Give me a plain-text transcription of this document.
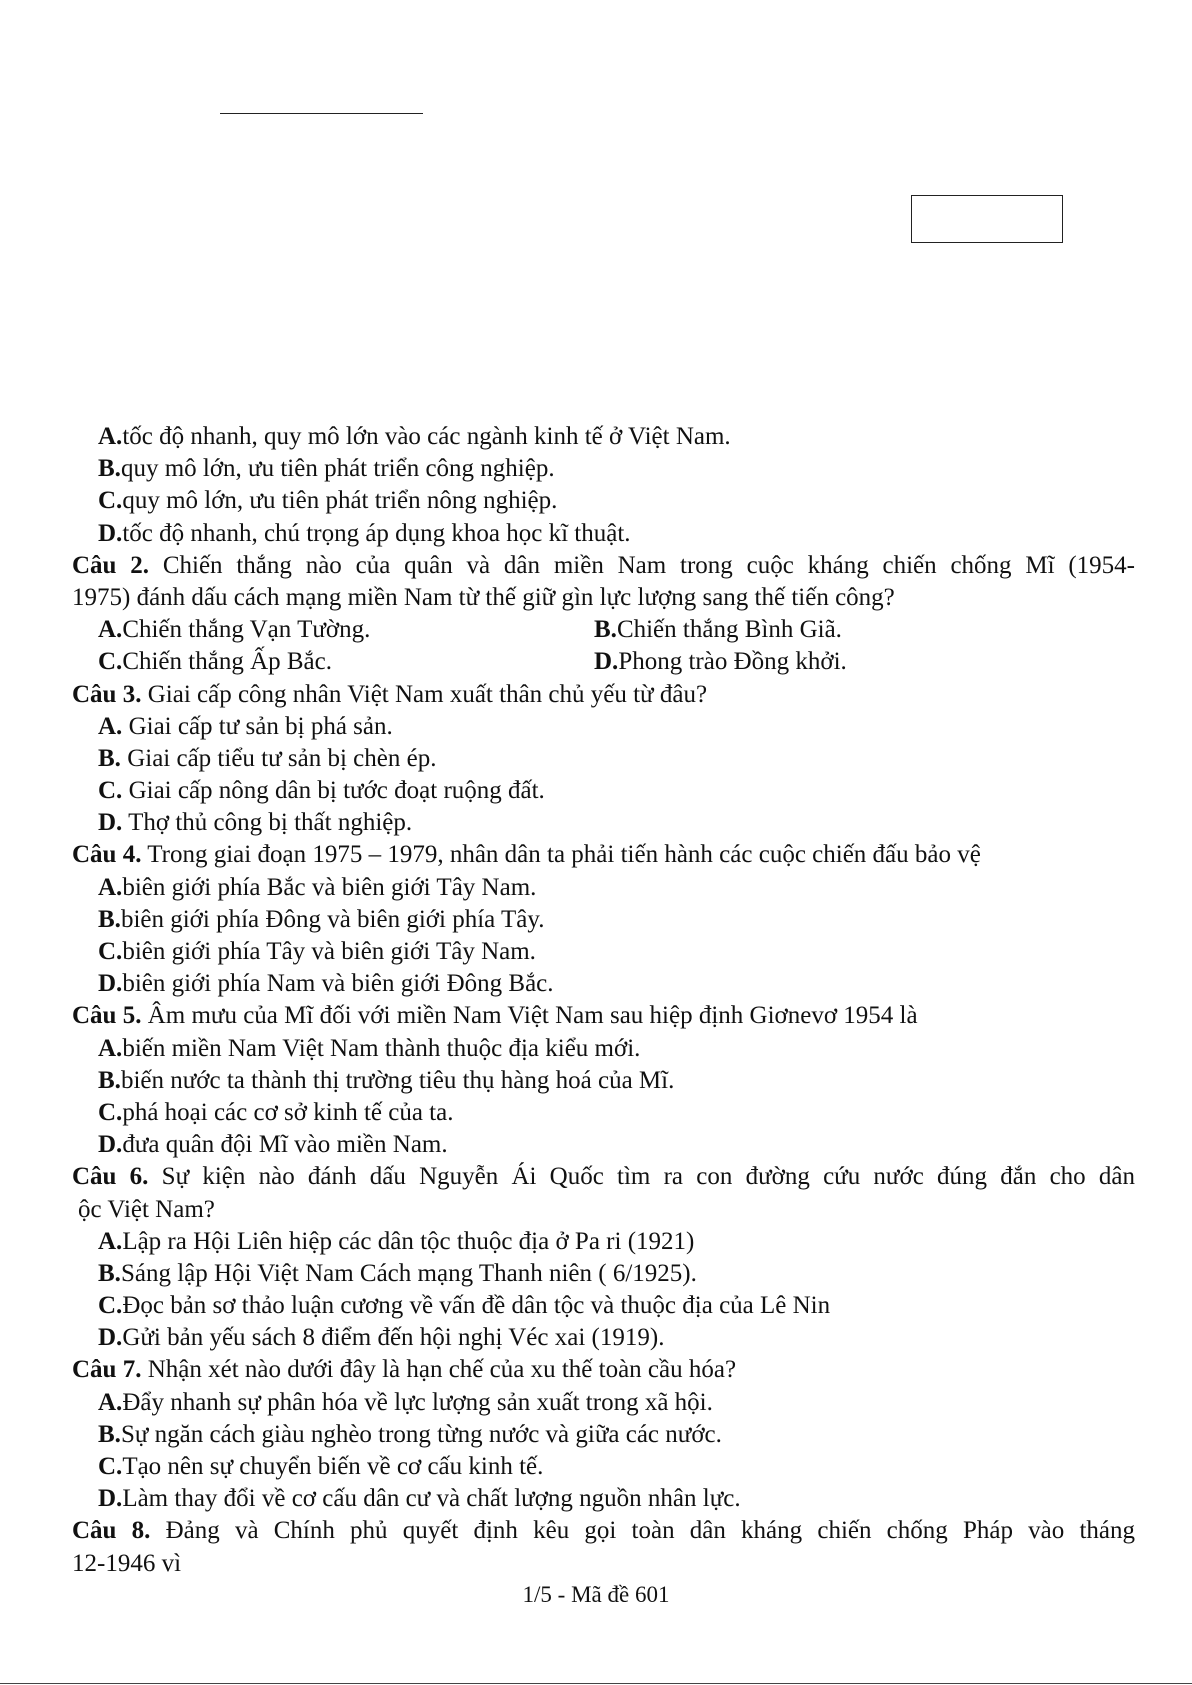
A.tốc độ nhanh, quy mô lớn vào các ngành kinh tế ở Việt Nam.
B.quy mô lớn, ưu tiên phát triển công nghiệp.
C.quy mô lớn, ưu tiên phát triển nông nghiệp.
D.tốc độ nhanh, chú trọng áp dụng khoa học kĩ thuật.
Câu 2. Chiến thắng nào của quân và dân miền Nam trong cuộc kháng chiến chống Mĩ (1954-
1975) đánh dấu cách mạng miền Nam từ thế giữ gìn lực lượng sang thế tiến công?
A.Chiến thắng Vạn Tường.	B.Chiến thắng Bình Giã.
C.Chiến thắng Ấp Bắc.	D.Phong trào Đồng khởi.
Câu 3. Giai cấp công nhân Việt Nam xuất thân chủ yếu từ đâu?
A. Giai cấp tư sản bị phá sản.
B. Giai cấp tiểu tư sản bị chèn ép.
C. Giai cấp nông dân bị tước đoạt ruộng đất.
D. Thợ thủ công bị thất nghiệp.
Câu 4. Trong giai đoạn 1975 – 1979, nhân dân ta phải tiến hành các cuộc chiến đấu bảo vệ
A.biên giới phía Bắc và biên giới Tây Nam.
B.biên giới phía Đông và biên giới phía Tây.
C.biên giới phía Tây và biên giới Tây Nam.
D.biên giới phía Nam và biên giới Đông Bắc.
Câu 5. Âm mưu của Mĩ đối với miền Nam Việt Nam sau hiệp định Giơnevơ 1954 là
A.biến miền Nam Việt Nam thành thuộc địa kiểu mới.
B.biến nước ta thành thị trường tiêu thụ hàng hoá của Mĩ.
C.phá hoại các cơ sở kinh tế của ta.
D.đưa quân đội Mĩ vào miền Nam.
Câu 6. Sự kiện nào đánh dấu Nguyễn Ái Quốc tìm ra con đường cứu nước đúng đắn cho dân
ộc Việt Nam?
A.Lập ra Hội Liên hiệp các dân tộc thuộc địa ở Pa ri (1921)
B.Sáng lập Hội Việt Nam Cách mạng Thanh niên ( 6/1925).
C.Đọc bản sơ thảo luận cương về vấn đề dân tộc và thuộc địa của Lê Nin
D.Gửi bản yếu sách 8 điểm đến hội nghị Véc xai (1919).
Câu 7. Nhận xét nào dưới đây là hạn chế của xu thế toàn cầu hóa?
A.Đẩy nhanh sự phân hóa về lực lượng sản xuất trong xã hội.
B.Sự ngăn cách giàu nghèo trong từng nước và giữa các nước.
C.Tạo nên sự chuyển biến về cơ cấu kinh tế.
D.Làm thay đổi về cơ cấu dân cư và chất lượng nguồn nhân lực.
Câu 8. Đảng và Chính phủ quyết định kêu gọi toàn dân kháng chiến chống Pháp vào tháng
12-1946 vì
1/5 - Mã đề 601
